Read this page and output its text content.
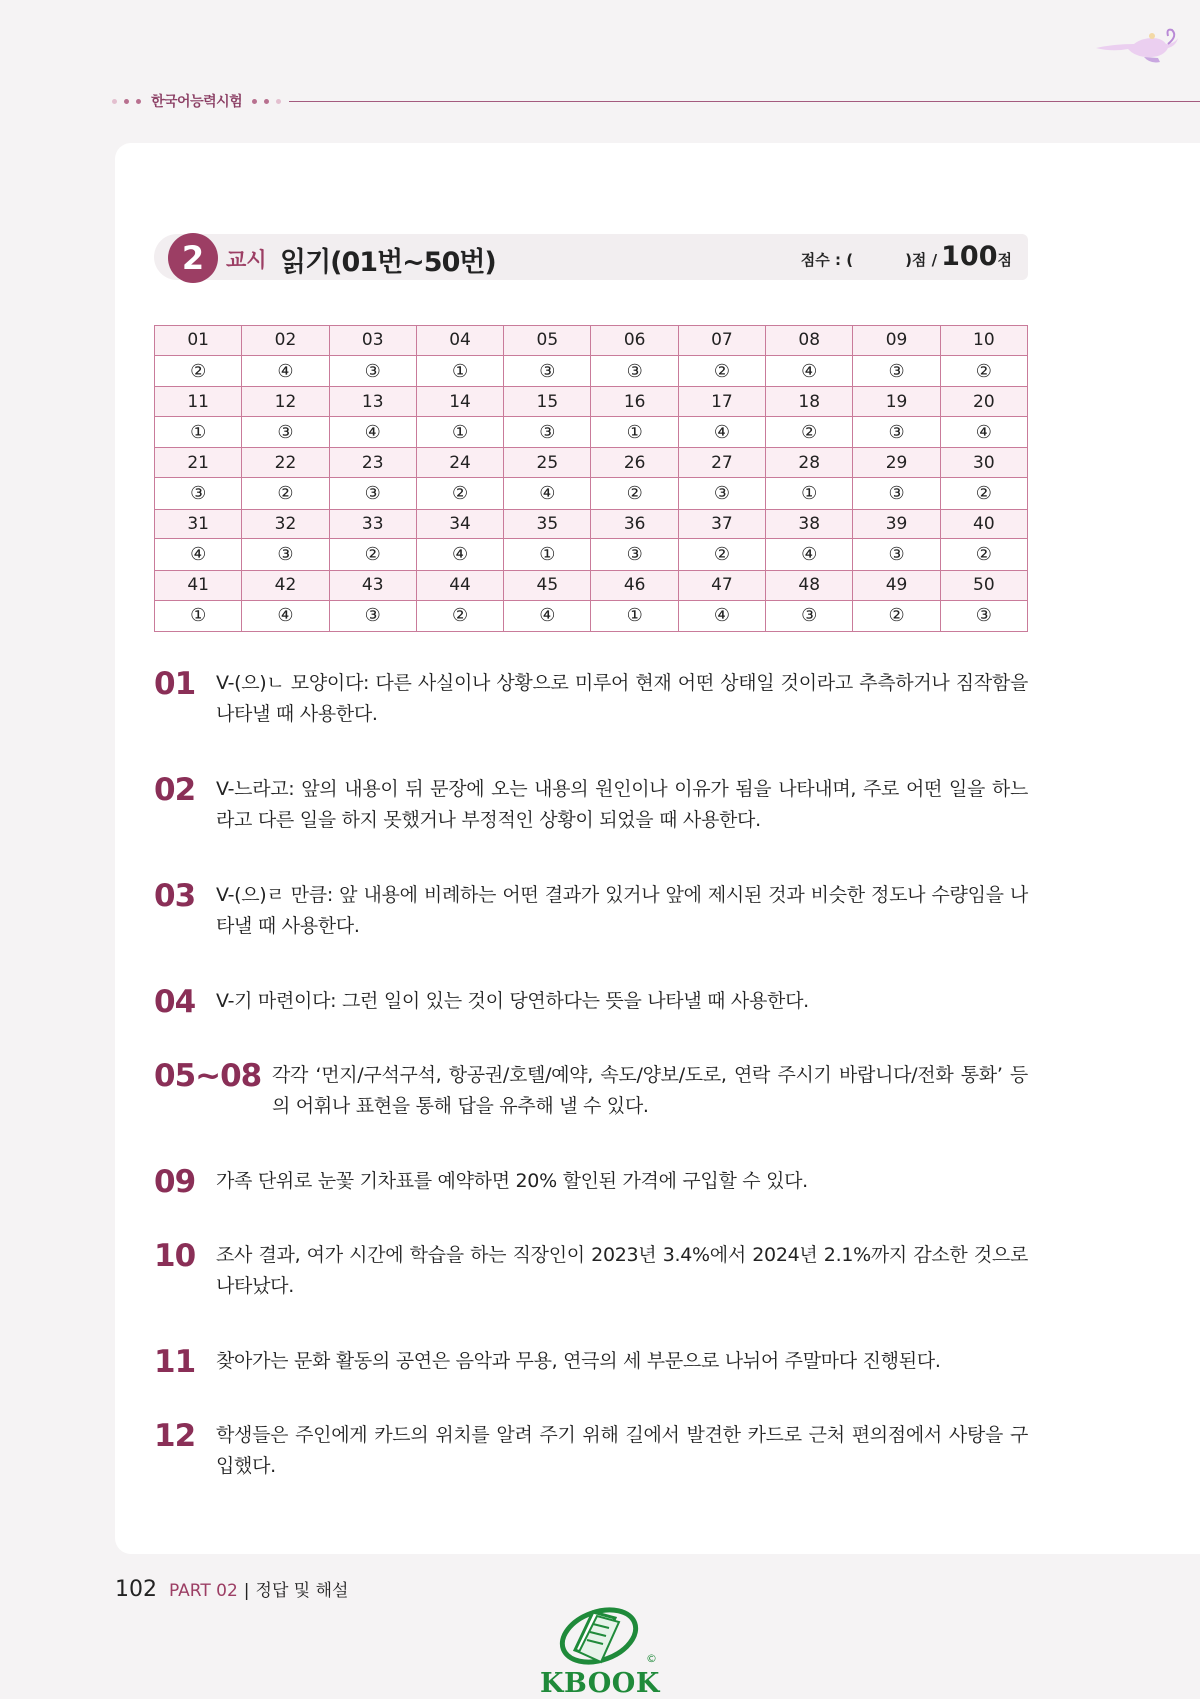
한국어능력시험
2	교시 읽기(01번~50번)	점수 : (	)점 / 100 점
01	02	03	04	05	06	07	08	09	10
②	④	③	①	③	③	②	④	③	②
11	12	13	14	15	16	17	18	19	20
①	③	④	①	③	①	④	②	③	④
21	22	23	24	25	26	27	28	29	30
③	②	③	②	④	②	③	①	③	②
31	32	33	34	35	36	37	38	39	40
④	③	②	④	①	③	②	④	③	②
41	42	43	44	45	46	47	48	49	50
①	④	③	②	④	①	④	③	②	③
01	V-(으)ㄴ 모양이다: 다른 사실이나 상황으로 미루어 현재 어떤 상태일 것이라고 추측하거나 짐작함을 나타낼 때 사용한다.
02	V-느라고: 앞의 내용이 뒤 문장에 오는 내용의 원인이나 이유가 됨을 나타내며, 주로 어떤 일을 하느라고 다른 일을 하지 못했거나 부정적인 상황이 되었을 때 사용한다.
03	V-(으)ㄹ 만큼: 앞 내용에 비례하는 어떤 결과가 있거나 앞에 제시된 것과 비슷한 정도나 수량임을 나타낼 때 사용한다.
04	V-기 마련이다: 그런 일이 있는 것이 당연하다는 뜻을 나타낼 때 사용한다.
05~08 각각 ‘먼지/구석구석, 항공권/호텔/예약, 속도/양보/도로, 연락 주시기 바랍니다/전화 통화’ 등의 어휘나 표현을 통해 답을 유추해 낼 수 있다.
09	가족 단위로 눈꽃 기차표를 예약하면 20% 할인된 가격에 구입할 수 있다.
10	조사 결과, 여가 시간에 학습을 하는 직장인이 2023년 3.4%에서 2024년 2.1%까지 감소한 것으로 나타났다.
11	찾아가는 문화 활동의 공연은 음악과 무용, 연극의 세 부문으로 나뉘어 주말마다 진행된다.
12	학생들은 주인에게 카드의 위치를 알려 주기 위해 길에서 발견한 카드로 근처 편의점에서 사탕을 구입했다.
102 PART 02 | 정답 및 해설
KBOOK
©
